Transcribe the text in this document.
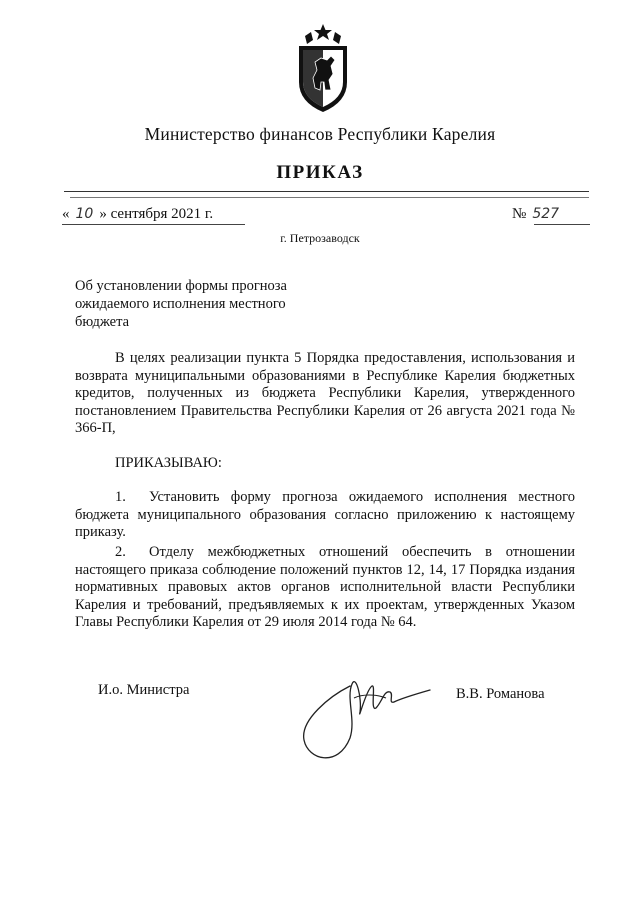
Министерство финансов Республики Карелия
ПРИКАЗ
« 10 » сентября 2021 г.	№ 527
г. Петрозаводск
Об установлении формы прогноза ожидаемого исполнения местного бюджета
В целях реализации пункта 5 Порядка предоставления, использования и возврата муниципальными образованиями в Республике Карелия бюджетных кредитов, полученных из бюджета Республики Карелия, утвержденного постановлением Правительства Республики Карелия от 26 августа 2021 года № 366-П,
ПРИКАЗЫВАЮ:
1. Установить форму прогноза ожидаемого исполнения местного бюджета муниципального образования согласно приложению к настоящему приказу.
2. Отделу межбюджетных отношений обеспечить в отношении настоящего приказа соблюдение положений пунктов 12, 14, 17 Порядка издания нормативных правовых актов органов исполнительной власти Республики Карелия и требований, предъявляемых к их проектам, утвержденных Указом Главы Республики Карелия от 29 июля 2014 года № 64.
И.о. Министра	В.В. Романова
